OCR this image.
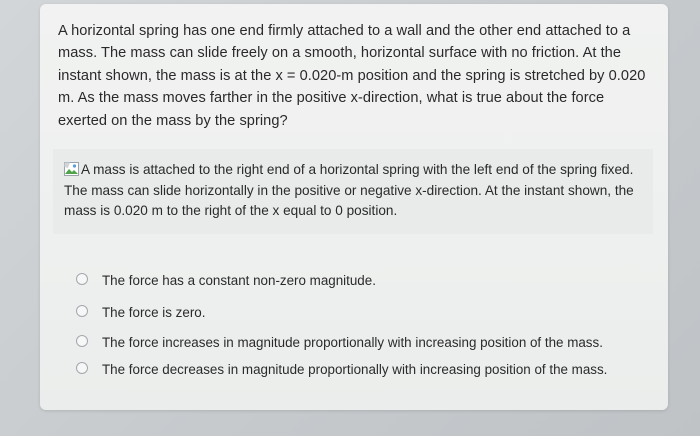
A horizontal spring has one end firmly attached to a wall and the other end attached to a mass. The mass can slide freely on a smooth, horizontal surface with no friction. At the instant shown, the mass is at the x = 0.020-m position and the spring is stretched by 0.020 m. As the mass moves farther in the positive x-direction, what is true about the force exerted on the mass by the spring?

A mass is attached to the right end of a horizontal spring with the left end of the spring fixed. The mass can slide horizontally in the positive or negative x-direction. At the instant shown, the mass is 0.020 m to the right of the x equal to 0 position.

The force has a constant non-zero magnitude.
The force is zero.
The force increases in magnitude proportionally with increasing position of the mass.
The force decreases in magnitude proportionally with increasing position of the mass.
